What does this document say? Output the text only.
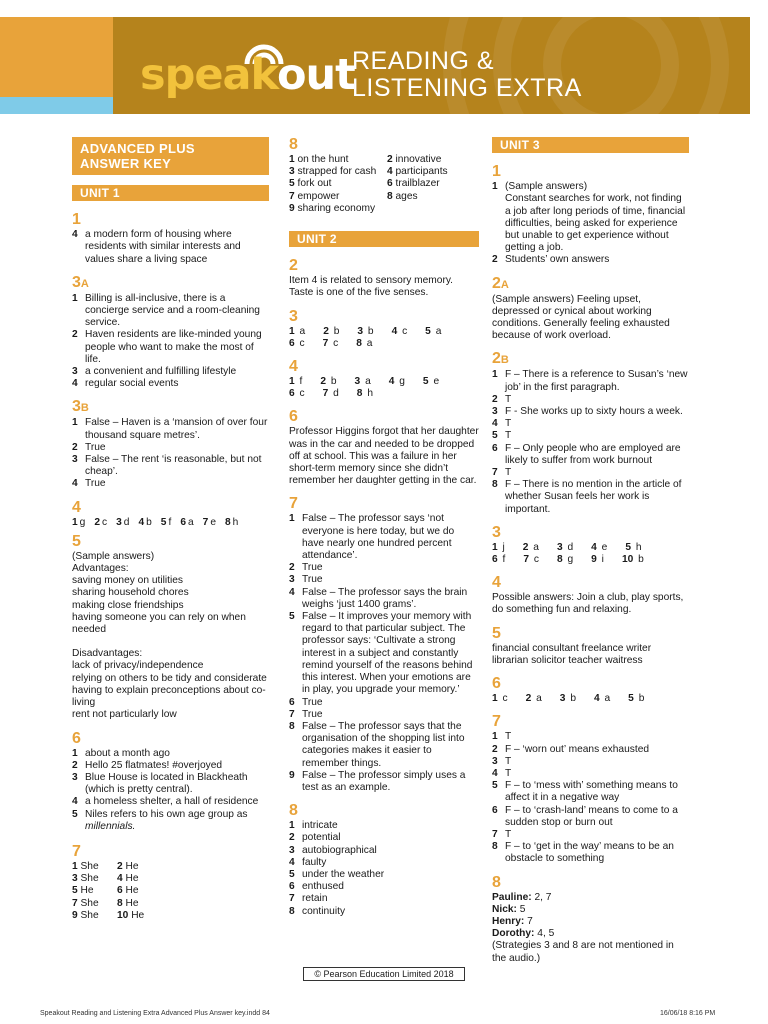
speakout
READING &
LISTENING EXTRA
ADVANCED PLUS
ANSWER KEY
UNIT 1
1
4 a modern form of housing where residents with similar interests and values share a living space
3A
1 Billing is all-inclusive, there is a concierge service and a room-cleaning service.
2 Haven residents are like-minded young people who want to make the most of life.
3 a convenient and fulfilling lifestyle
4 regular social events
3B
1 False – Haven is a ‘mansion of over four thousand square metres’.
2 True
3 False – The rent ‘is reasonable, but not cheap’.
4 True
4
1 g 2 c 3 d 4 b 5 f 6 a 7 e 8 h
5
(Sample answers)
Advantages:
saving money on utilities
sharing household chores
making close friendships
having someone you can rely on when needed
Disadvantages:
lack of privacy/independence
relying on others to be tidy and considerate
having to explain preconceptions about co-living
rent not particularly low
6
1 about a month ago
2 Hello 25 flatmates! #overjoyed
3 Blue House is located in Blackheath (which is pretty central).
4 a homeless shelter, a hall of residence
5 Niles refers to his own age group as millennials.
7
1 She	2 He
3 She	4 He
5 He	6 He
7 She	8 He
9 She	10 He
8
1 on the hunt	2 innovative
3 strapped for cash	4 participants
5 fork out	6 trailblazer
7 empower	8 ages
9 sharing economy
UNIT 2
2
Item 4 is related to sensory memory. Taste is one of the five senses.
3
1 a	2 b	3 b	4 c	5 a
6 c	7 c	8 a
4
1 f	2 b	3 a	4 g	5 e
6 c	7 d	8 h
6
Professor Higgins forgot that her daughter was in the car and needed to be dropped off at school. This was a failure in her short-term memory since she didn’t remember her daughter getting in the car.
7
1 False – The professor says ‘not everyone is here today, but we do have nearly one hundred percent attendance’.
2 True
3 True
4 False – The professor says the brain weighs ‘just 1400 grams’.
5 False – It improves your memory with regard to that particular subject. The professor says: ‘Cultivate a strong interest in a subject and constantly remind yourself of the reasons behind this interest. When your emotions are in play, you upgrade your memory.’
6 True
7 True
8 False – The professor says that the organisation of the shopping list into categories makes it easier to remember things.
9 False – The professor simply uses a test as an example.
8
1 intricate
2 potential
3 autobiographical
4 faulty
5 under the weather
6 enthused
7 retain
8 continuity
UNIT 3
1
1 (Sample answers)
Constant searches for work, not finding a job after long periods of time, financial difficulties, being asked for experience but unable to get experience without getting a job.
2 Students’ own answers
2A
(Sample answers) Feeling upset, depressed or cynical about working conditions. Generally feeling exhausted because of work overload.
2B
1 F – There is a reference to Susan’s ‘new job’ in the first paragraph.
2 T
3 F - She works up to sixty hours a week.
4 T
5 T
6 F – Only people who are employed are likely to suffer from work burnout
7 T
8 F – There is no mention in the article of whether Susan feels her work is important.
3
1 j	2 a	3 d	4 e	5 h
6 f	7 c	8 g	9 i	10 b
4
Possible answers: Join a club, play sports, do something fun and relaxing.
5
financial consultant freelance writer librarian solicitor teacher waitress
6
1 c	2 a	3 b	4 a	5 b
7
1 T
2 F – ‘worn out’ means exhausted
3 T
4 T
5 F – to ‘mess with’ something means to affect it in a negative way
6 F – to ‘crash-land’ means to come to a sudden stop or burn out
7 T
8 F – to ‘get in the way’ means to be an obstacle to something
8
Pauline: 2, 7
Nick: 5
Henry: 7
Dorothy: 4, 5
(Strategies 3 and 8 are not mentioned in the audio.)
© Pearson Education Limited 2018
Speakout Reading and Listening Extra Advanced Plus Answer key.indd 84	16/06/18 8:16 PM
